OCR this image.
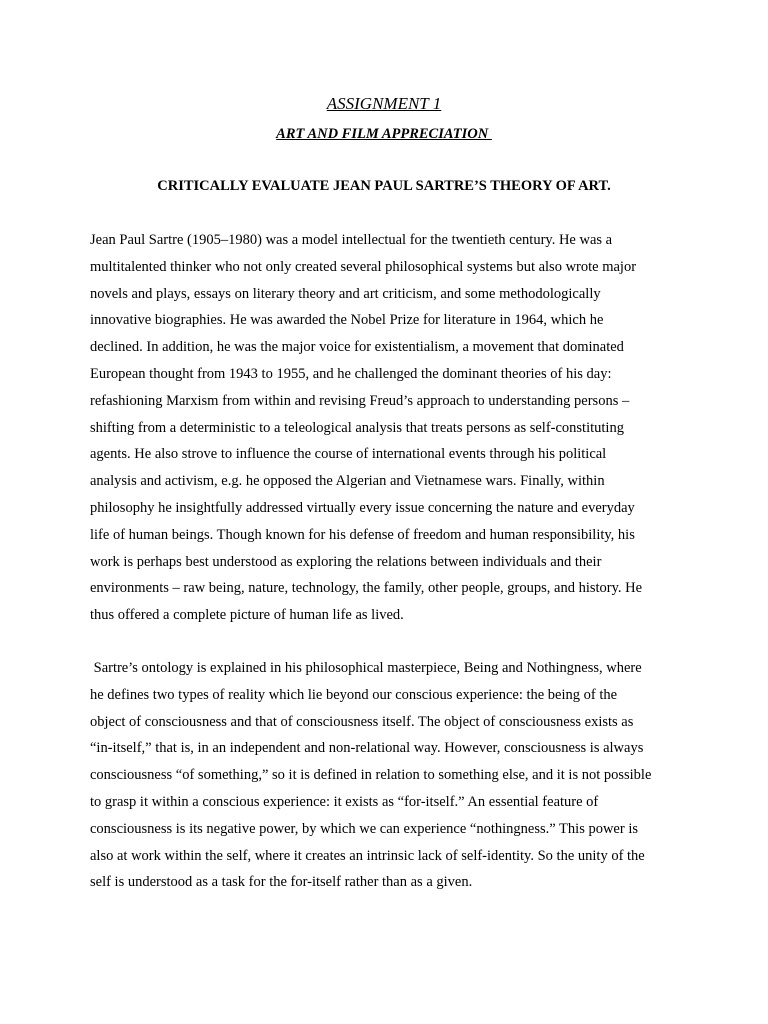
ASSIGNMENT 1
ART AND FILM APPRECIATION
CRITICALLY EVALUATE JEAN PAUL SARTRE’S THEORY OF ART.

Jean Paul Sartre (1905–1980) was a model intellectual for the twentieth century. He was a
multitalented thinker who not only created several philosophical systems but also wrote major
novels and plays, essays on literary theory and art criticism, and some methodologically
innovative biographies. He was awarded the Nobel Prize for literature in 1964, which he
declined. In addition, he was the major voice for existentialism, a movement that dominated
European thought from 1943 to 1955, and he challenged the dominant theories of his day:
refashioning Marxism from within and revising Freud’s approach to understanding persons –
shifting from a deterministic to a teleological analysis that treats persons as self-constituting
agents. He also strove to influence the course of international events through his political
analysis and activism, e.g. he opposed the Algerian and Vietnamese wars. Finally, within
philosophy he insightfully addressed virtually every issue concerning the nature and everyday
life of human beings. Though known for his defense of freedom and human responsibility, his
work is perhaps best understood as exploring the relations between individuals and their
environments – raw being, nature, technology, the family, other people, groups, and history. He
thus offered a complete picture of human life as lived.

Sartre’s ontology is explained in his philosophical masterpiece, Being and Nothingness, where
he defines two types of reality which lie beyond our conscious experience: the being of the
object of consciousness and that of consciousness itself. The object of consciousness exists as
“in-itself,” that is, in an independent and non-relational way. However, consciousness is always
consciousness “of something,” so it is defined in relation to something else, and it is not possible
to grasp it within a conscious experience: it exists as “for-itself.” An essential feature of
consciousness is its negative power, by which we can experience “nothingness.” This power is
also at work within the self, where it creates an intrinsic lack of self-identity. So the unity of the
self is understood as a task for the for-itself rather than as a given.
